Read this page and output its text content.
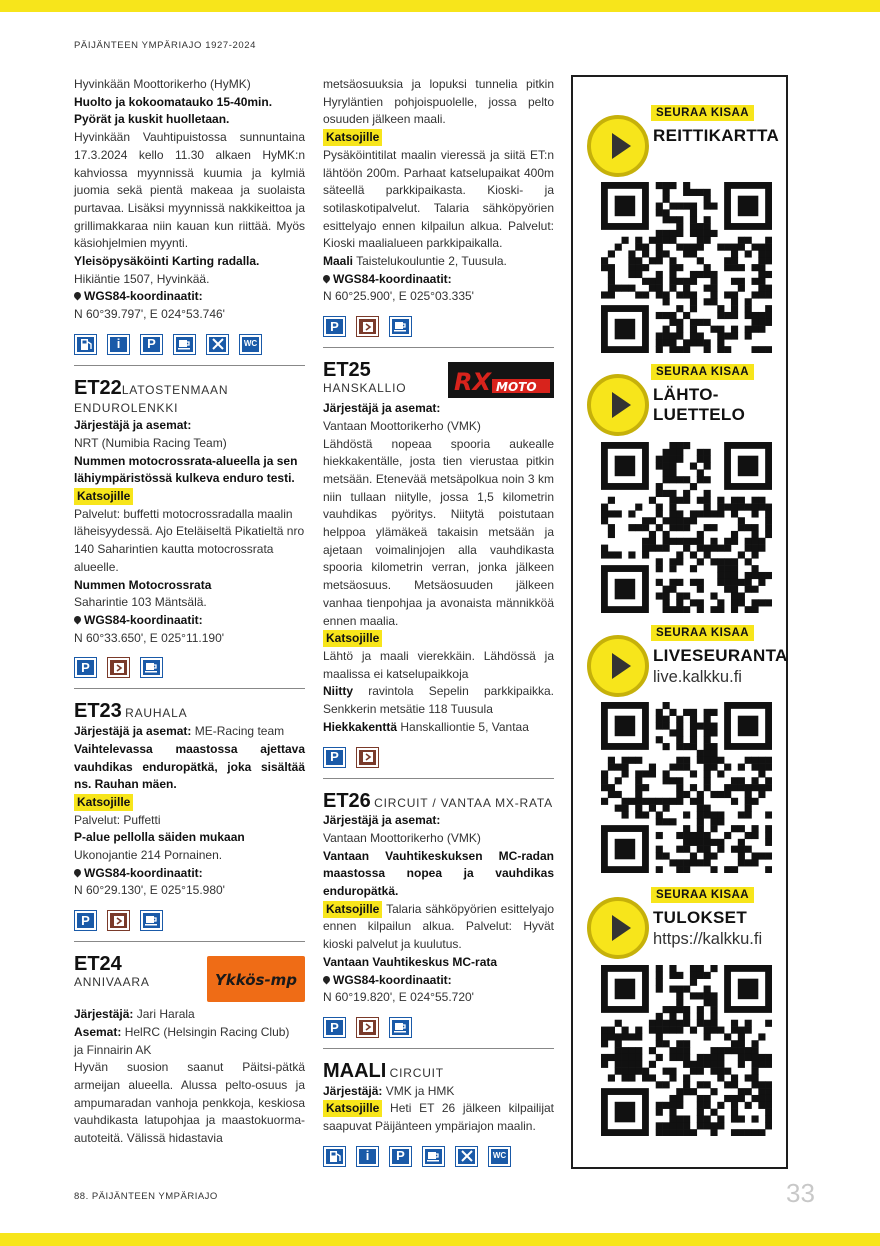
PÄIJÄNTEEN YMPÄRIAJO 1927-2024

Hyvinkään Moottorikerho (HyMK)

Huolto ja kokoomatauko 15-40min.

Pyörät ja kuskit huolletaan.

Hyvinkään Vauhtipuistossa sunnuntaina 17.3.2024 kello 11.30 alkaen HyMK:n kahviossa myynnissä kuumia ja kylmiä juomia sekä pientä makeaa ja suolaista purtavaa. Lisäksi myynnissä nakkikeittoa ja grillimakkaraa niin kauan kun riittää. Myös käsiohjelmien myynti.

Yleisöpysäköinti Karting radalla.

Hikiäntie 1507, Hyvinkää.

WGS84-koordinaatit:

N 60°39.797', E 024°53.746'

i P	WC
ET22LATOSTENMAAN ENDUROLENKKI

Järjestäjä ja asemat:

NRT (Numibia Racing Team)

Nummen motocrossrata-alueella ja sen lähiympäristössä kulkeva enduro testi.

Katsojille

Palvelut: buffetti motocrossradalla maalin läheisyydessä. Ajo Eteläiseltä Pikatieltä nro 140 Saharintien kautta motocrossrata alueelle.

Nummen Motocrossrata

Saharintie 103 Mäntsälä.

WGS84-koordinaatit:

N 60°33.650', E 025°11.190'

P
ET23 RAUHALA

Järjestäjä ja asemat: ME-Racing team

Vaihtelevassa maastossa ajettava vauhdikas enduropätkä, joka sisältää ns. Rauhan mäen.

Katsojille

Palvelut: Puffetti

P-alue pellolla säiden mukaan

Ukonojantie 214 Pornainen.

WGS84-koordinaatit:

N 60°29.130', E 025°15.980'

P
ET24
ANNIVAARA	Ykkös-mp

Järjestäjä: Jari Harala

Asemat: HelRC (Helsingin Racing Club)

ja Finnairin AK

Hyvän suosion saanut Päitsi-pätkä armeijan alueella. Alussa pelto-osuus ja ampumaradan vanhoja penkkoja, keskiosa vauhdikasta latupohjaa ja maastokuorma-autoteitä. Välissä hidastavia

metsäosuuksia ja lopuksi tunnelia pitkin Hyryläntien pohjoispuolelle, jossa pelto osuuden jälkeen maali.

Katsojille

Pysäköintitilat maalin vieressä ja siitä ET:n lähtöön 200m. Parhaat katselupaikat 400m säteellä parkkipaikasta. Kioski- ja sotilaskotipalvelut. Talaria sähköpyörien esittelyajo ennen kilpailun alkua. Palvelut: Kioski maalialueen parkkipaikalla.

Maali Taistelukouluntie 2, Tuusula.

WGS84-koordinaatit:

N 60°25.900', E 025°03.335'

P
ET25
HANSKALLIO	RX MOTO

Järjestäjä ja asemat:

Vantaan Moottorikerho (VMK)

Lähdöstä nopeaa spooria aukealle hiekkakentälle, josta tien vierustaa pitkin metsään. Etenevää metsäpolkua noin 3 km niin tullaan niitylle, jossa 1,5 kilometrin vauhdikas pyöritys. Niitytä poistutaan helppoa ylämäkeä takaisin metsään ja ajetaan voimalinjojen alla vauhdikasta spooria kilometrin verran, jonka jälkeen metsäosuus. Metsäosuuden jälkeen vanhaa tienpohjaa ja avonaista männikköä ennen maalia.

Katsojille

Lähtö ja maali vierekkäin. Lähdössä ja maalissa ei katselupaikkoja

Niitty ravintola Sepelin parkkipaikka. Senkkerin metsätie 118 Tuusula

Hiekkakenttä Hanskalliontie 5, Vantaa

P
ET26 CIRCUIT / VANTAA MX-RATA

Järjestäjä ja asemat:

Vantaan Moottorikerho (VMK)

Vantaan Vauhtikeskuksen MC-radan maastossa nopea ja vauhdikas enduropätkä.

Katsojille Talaria sähköpyörien esittelyajo ennen kilpailun alkua. Palvelut: Hyvät kioski palvelut ja kuulutus.

Vantaan Vauhtikeskus MC-rata

WGS84-koordinaatit:

N 60°19.820', E 024°55.720'

P
MAALI CIRCUIT

Järjestäjä: VMK ja HMK

Katsojille Heti ET 26 jälkeen kilpailijat saapuvat Päijänteen ympäriajon maalin.

i P	WC
SEURAA KISAA
REITTIKARTTA
SEURAA KISAA
LÄHTO-
LUETTELO
SEURAA KISAA
LIVESEURANTA
live.kalkku.fi
SEURAA KISAA
TULOKSET
https://kalkku.fi
88. PÄIJÄNTEEN YMPÄRIAJO	33
